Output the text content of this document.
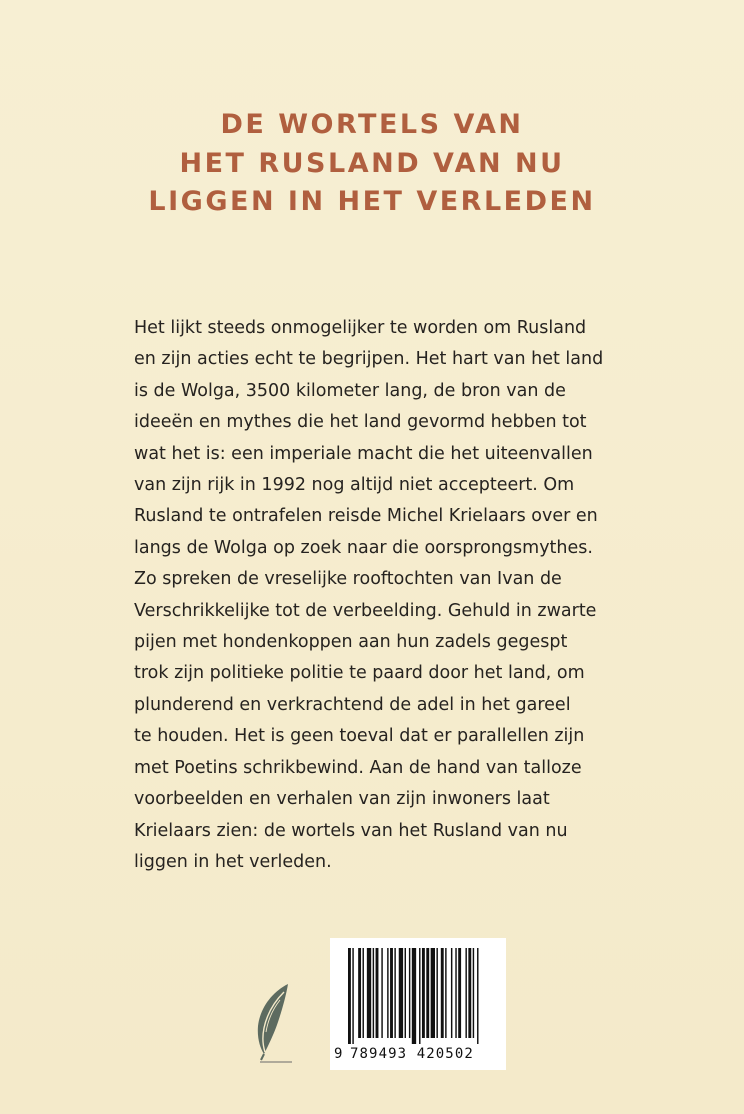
DE WORTELS VAN
HET RUSLAND VAN NU
LIGGEN IN HET VERLEDEN

Het lijkt steeds onmogelijker te worden om Rusland
en zijn acties echt te begrijpen. Het hart van het land
is de Wolga, 3500 kilometer lang, de bron van de
ideeën en mythes die het land gevormd hebben tot
wat het is: een imperiale macht die het uiteenvallen
van zijn rijk in 1992 nog altijd niet accepteert. Om
Rusland te ontrafelen reisde Michel Krielaars over en
langs de Wolga op zoek naar die oorsprongsmythes.
Zo spreken de vreselijke rooftochten van Ivan de
Verschrikkelijke tot de verbeelding. Gehuld in zwarte
pijen met hondenkoppen aan hun zadels gegespt
trok zijn politieke politie te paard door het land, om
plunderend en verkrachtend de adel in het gareel
te houden. Het is geen toeval dat er parallellen zijn
met Poetins schrikbewind. Aan de hand van talloze
voorbeelden en verhalen van zijn inwoners laat
Krielaars zien: de wortels van het Rusland van nu
liggen in het verleden.

9 789493 420502
